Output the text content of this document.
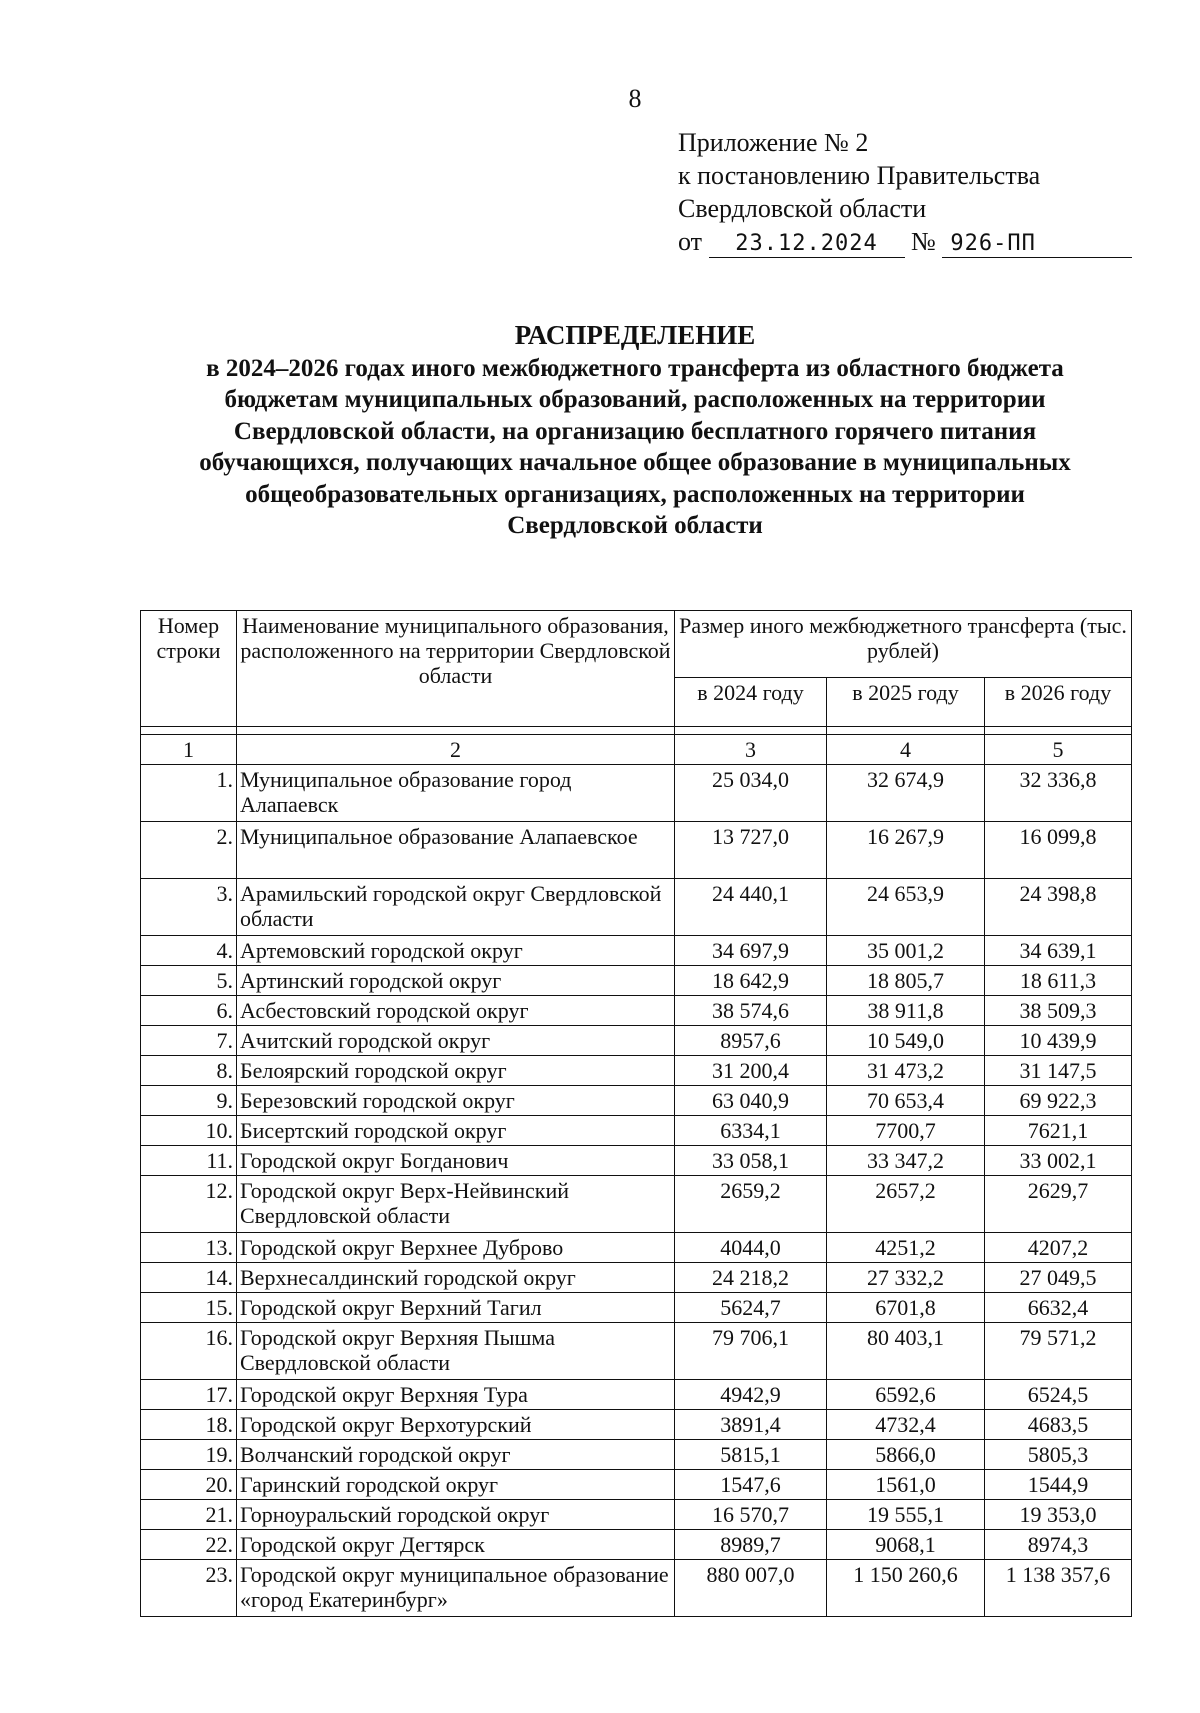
8
Приложение № 2
к постановлению Правительства
Свердловской области
от 23.12.2024 № 926-ПП
РАСПРЕДЕЛЕНИЕ
в 2024–2026 годах иного межбюджетного трансферта из областного бюджета
бюджетам муниципальных образований, расположенных на территории
Свердловской области, на организацию бесплатного горячего питания
обучающихся, получающих начальное общее образование в муниципальных
общеобразовательных организациях, расположенных на территории
Свердловской области
Номер строки	Наименование муниципального образования, расположенного на территории Свердловской области	Размер иного межбюджетного трансферта (тыс. рублей)		
		в 2024 году	в 2025 году	в 2026 году

1	2	3	4	5
1.	Муниципальное образование город Алапаевск	25 034,0	32 674,9	32 336,8
2.	Муниципальное образование Алапаевское	13 727,0	16 267,9	16 099,8
3.	Арамильский городской округ Свердловской области	24 440,1	24 653,9	24 398,8
4.	Артемовский городской округ	34 697,9	35 001,2	34 639,1
5.	Артинский городской округ	18 642,9	18 805,7	18 611,3
6.	Асбестовский городской округ	38 574,6	38 911,8	38 509,3
7.	Ачитский городской округ	8957,6	10 549,0	10 439,9
8.	Белоярский городской округ	31 200,4	31 473,2	31 147,5
9.	Березовский городской округ	63 040,9	70 653,4	69 922,3
10.	Бисертский городской округ	6334,1	7700,7	7621,1
11.	Городской округ Богданович	33 058,1	33 347,2	33 002,1
12.	Городской округ Верх-Нейвинский Свердловской области	2659,2	2657,2	2629,7
13.	Городской округ Верхнее Дуброво	4044,0	4251,2	4207,2
14.	Верхнесалдинский городской округ	24 218,2	27 332,2	27 049,5
15.	Городской округ Верхний Тагил	5624,7	6701,8	6632,4
16.	Городской округ Верхняя Пышма Свердловской области	79 706,1	80 403,1	79 571,2
17.	Городской округ Верхняя Тура	4942,9	6592,6	6524,5
18.	Городской округ Верхотурский	3891,4	4732,4	4683,5
19.	Волчанский городской округ	5815,1	5866,0	5805,3
20.	Гаринский городской округ	1547,6	1561,0	1544,9
21.	Горноуральский городской округ	16 570,7	19 555,1	19 353,0
22.	Городской округ Дегтярск	8989,7	9068,1	8974,3
23.	Городской округ муниципальное образование «город Екатеринбург»	880 007,0	1 150 260,6	1 138 357,6
